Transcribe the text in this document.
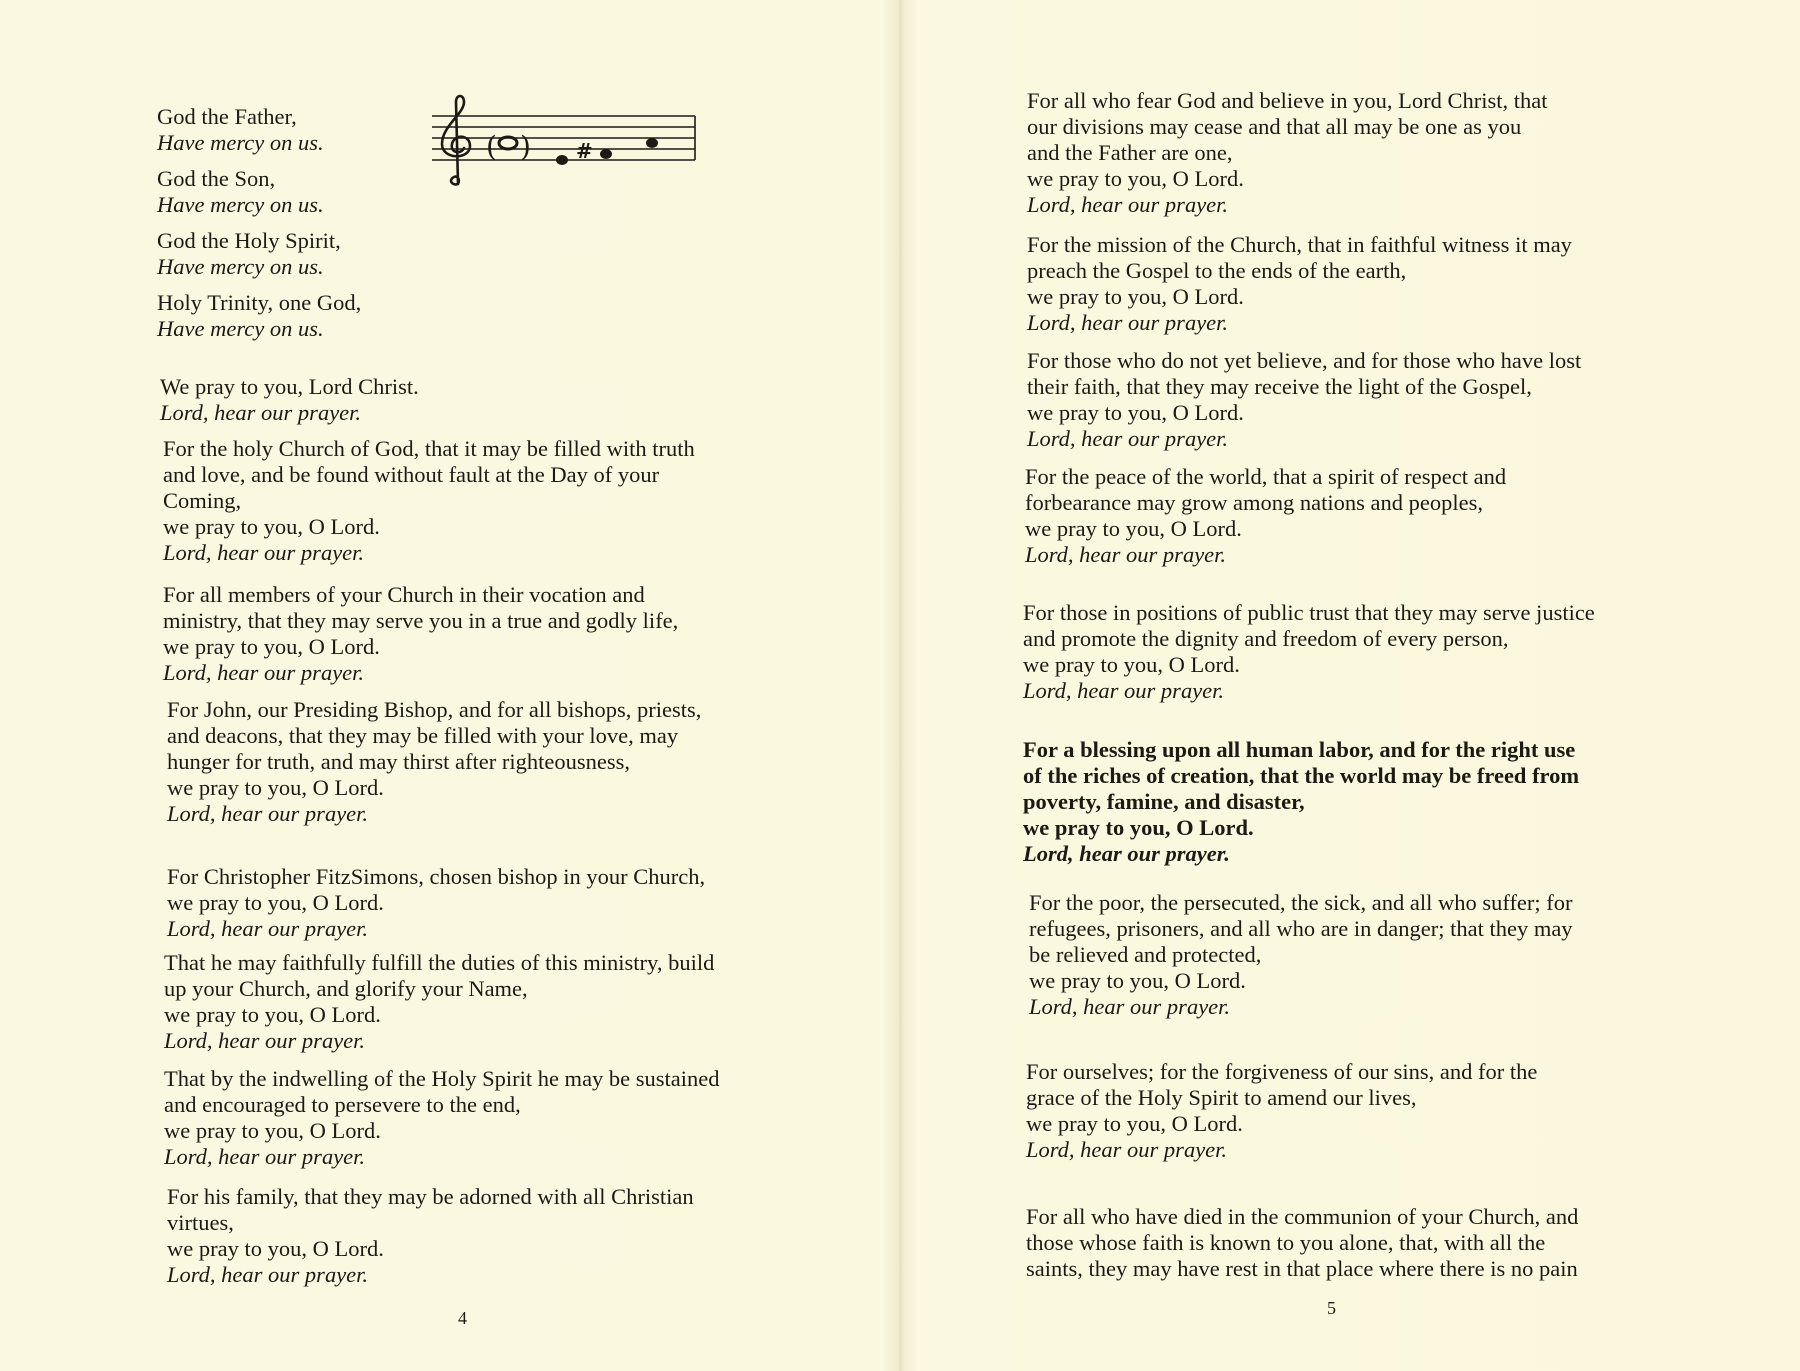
( ) #
God the Father,
Have mercy on us.
God the Son,
Have mercy on us.
God the Holy Spirit,
Have mercy on us.
Holy Trinity, one God,
Have mercy on us.
We pray to you, Lord Christ.
Lord, hear our prayer.
For the holy Church of God, that it may be filled with truth
and love, and be found without fault at the Day of your
Coming,
we pray to you, O Lord.
Lord, hear our prayer.
For all members of your Church in their vocation and
ministry, that they may serve you in a true and godly life,
we pray to you, O Lord.
Lord, hear our prayer.
For John, our Presiding Bishop, and for all bishops, priests,
and deacons, that they may be filled with your love, may
hunger for truth, and may thirst after righteousness,
we pray to you, O Lord.
Lord, hear our prayer.
For Christopher FitzSimons, chosen bishop in your Church,
we pray to you, O Lord.
Lord, hear our prayer.
That he may faithfully fulfill the duties of this ministry, build
up your Church, and glorify your Name,
we pray to you, O Lord.
Lord, hear our prayer.
That by the indwelling of the Holy Spirit he may be sustained
and encouraged to persevere to the end,
we pray to you, O Lord.
Lord, hear our prayer.
For his family, that they may be adorned with all Christian
virtues,
we pray to you, O Lord.
Lord, hear our prayer.
4
For all who fear God and believe in you, Lord Christ, that
our divisions may cease and that all may be one as you
and the Father are one,
we pray to you, O Lord.
Lord, hear our prayer.
For the mission of the Church, that in faithful witness it may
preach the Gospel to the ends of the earth,
we pray to you, O Lord.
Lord, hear our prayer.
For those who do not yet believe, and for those who have lost
their faith, that they may receive the light of the Gospel,
we pray to you, O Lord.
Lord, hear our prayer.
For the peace of the world, that a spirit of respect and
forbearance may grow among nations and peoples,
we pray to you, O Lord.
Lord, hear our prayer.
For those in positions of public trust that they may serve justice
and promote the dignity and freedom of every person,
we pray to you, O Lord.
Lord, hear our prayer.
For a blessing upon all human labor, and for the right use
of the riches of creation, that the world may be freed from
poverty, famine, and disaster,
we pray to you, O Lord.
Lord, hear our prayer.
For the poor, the persecuted, the sick, and all who suffer; for
refugees, prisoners, and all who are in danger; that they may
be relieved and protected,
we pray to you, O Lord.
Lord, hear our prayer.
For ourselves; for the forgiveness of our sins, and for the
grace of the Holy Spirit to amend our lives,
we pray to you, O Lord.
Lord, hear our prayer.
For all who have died in the communion of your Church, and
those whose faith is known to you alone, that, with all the
saints, they may have rest in that place where there is no pain
5
